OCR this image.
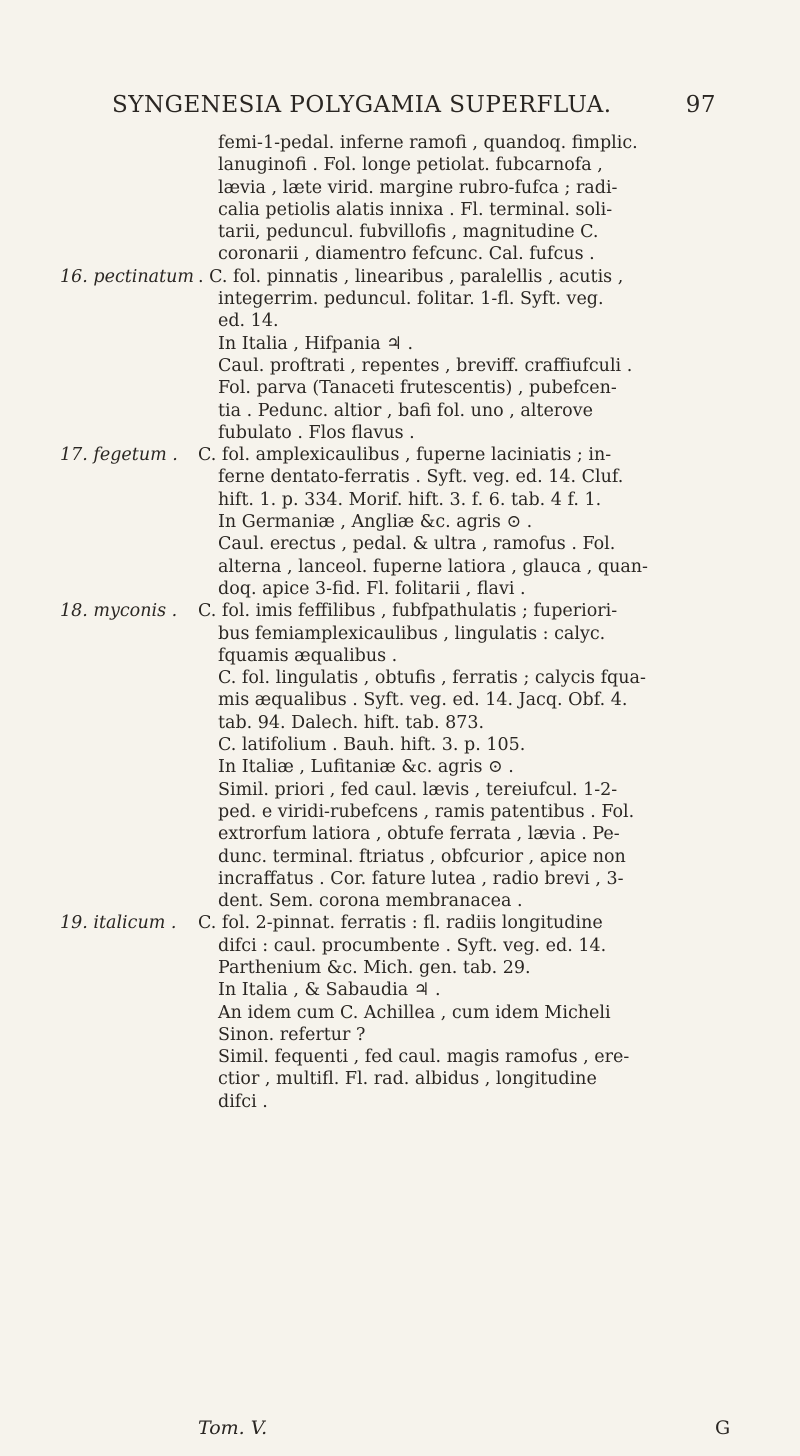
SYNGENESIA POLYGAMIA SUPERFLUA.	97
femi-1-pedal. inferne ramofi , quandoq. fimplic.
lanuginofi . Fol. longe petiolat. fubcarnofa ,
lævia , læte virid. margine rubro-fufca ; radi-
calia petiolis alatis innixa . Fl. terminal. soli-
tarii, peduncul. fubvillofis , magnitudine C.
coronarii , diamentro fefcunc. Cal. fufcus .
16. pectinatum . C. fol. pinnatis , linearibus , paralellis , acutis ,
integerrim. peduncul. folitar. 1-fl. Syft. veg.
ed. 14.
In Italia , Hifpania ♃ .
Caul. proftrati , repentes , breviff. craffiufculi .
Fol. parva (Tanaceti frutescentis) , pubefcen-
tia . Pedunc. altior , bafi fol. uno , alterove
fubulato . Flos flavus .
17. fegetum . C. fol. amplexicaulibus , fuperne laciniatis ; in-
ferne dentato-ferratis . Syft. veg. ed. 14. Cluf.
hift. 1. p. 334. Morif. hift. 3. f. 6. tab. 4 f. 1.
In Germaniæ , Angliæ &c. agris ⊙ .
Caul. erectus , pedal. & ultra , ramofus . Fol.
alterna , lanceol. fuperne latiora , glauca , quan-
doq. apice 3-fid. Fl. folitarii , flavi .
18. myconis . C. fol. imis feffilibus , fubfpathulatis ; fuperiori-
bus femiamplexicaulibus , lingulatis : calyc.
fquamis æqualibus .
C. fol. lingulatis , obtufis , ferratis ; calycis fqua-
mis æqualibus . Syft. veg. ed. 14. Jacq. Obf. 4.
tab. 94. Dalech. hift. tab. 873.
C. latifolium . Bauh. hift. 3. p. 105.
In Italiæ , Lufitaniæ &c. agris ⊙ .
Simil. priori , fed caul. lævis , tereiufcul. 1-2-
ped. e viridi-rubefcens , ramis patentibus . Fol.
extrorfum latiora , obtufe ferrata , lævia . Pe-
dunc. terminal. ftriatus , obfcurior , apice non
incraffatus . Cor. fature lutea , radio brevi , 3-
dent. Sem. corona membranacea .
19. italicum . C. fol. 2-pinnat. ferratis : fl. radiis longitudine
difci : caul. procumbente . Syft. veg. ed. 14.
Parthenium &c. Mich. gen. tab. 29.
In Italia , & Sabaudia ♃ .
An idem cum C. Achillea , cum idem Micheli
Sinon. refertur ?
Simil. fequenti , fed caul. magis ramofus , ere-
ctior , multifl. Fl. rad. albidus , longitudine
difci .
Tom. V.	G
